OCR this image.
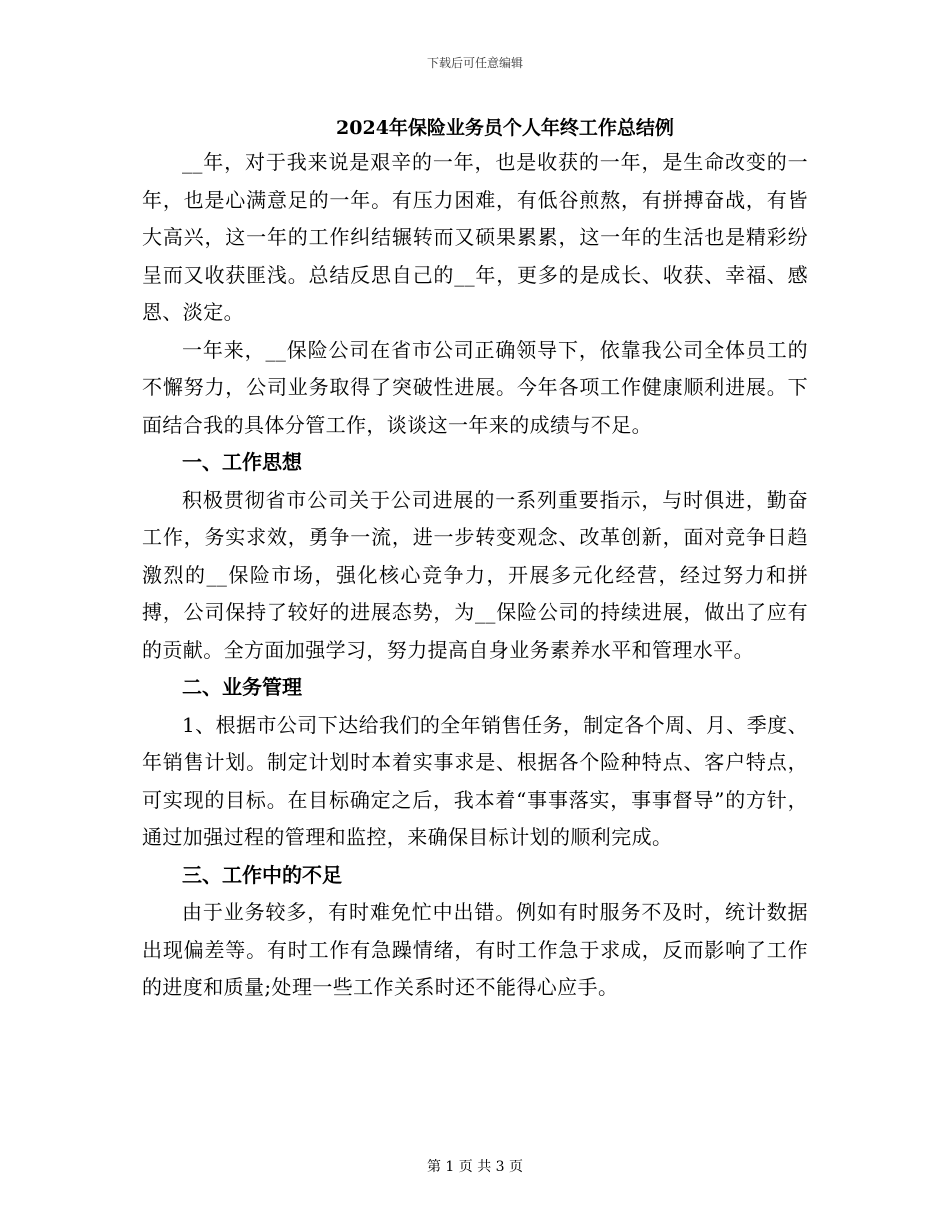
下载后可任意编辑
2024年保险业务员个人年终工作总结例

__年，对于我来说是艰辛的一年，也是收获的一年，是生命改变的一年，也是心满意足的一年。有压力困难，有低谷煎熬，有拼搏奋战，有皆大高兴，这一年的工作纠结辗转而又硕果累累，这一年的生活也是精彩纷呈而又收获匪浅。总结反思自己的__年，更多的是成长、收获、幸福、感恩、淡定。

一年来，__保险公司在省市公司正确领导下，依靠我公司全体员工的不懈努力，公司业务取得了突破性进展。今年各项工作健康顺利进展。下面结合我的具体分管工作，谈谈这一年来的成绩与不足。

一、工作思想

积极贯彻省市公司关于公司进展的一系列重要指示，与时俱进，勤奋工作，务实求效，勇争一流，进一步转变观念、改革创新，面对竞争日趋激烈的__保险市场，强化核心竞争力，开展多元化经营，经过努力和拼搏，公司保持了较好的进展态势，为__保险公司的持续进展，做出了应有的贡献。全方面加强学习，努力提高自身业务素养水平和管理水平。

二、业务管理

1、根据市公司下达给我们的全年销售任务，制定各个周、月、季度、年销售计划。制定计划时本着实事求是、根据各个险种特点、客户特点，可实现的目标。在目标确定之后，我本着“事事落实，事事督导”的方针，通过加强过程的管理和监控，来确保目标计划的顺利完成。

三、工作中的不足

由于业务较多，有时难免忙中出错。例如有时服务不及时，统计数据出现偏差等。有时工作有急躁情绪，有时工作急于求成，反而影响了工作的进度和质量;处理一些工作关系时还不能得心应手。

第 1 页 共 3 页
